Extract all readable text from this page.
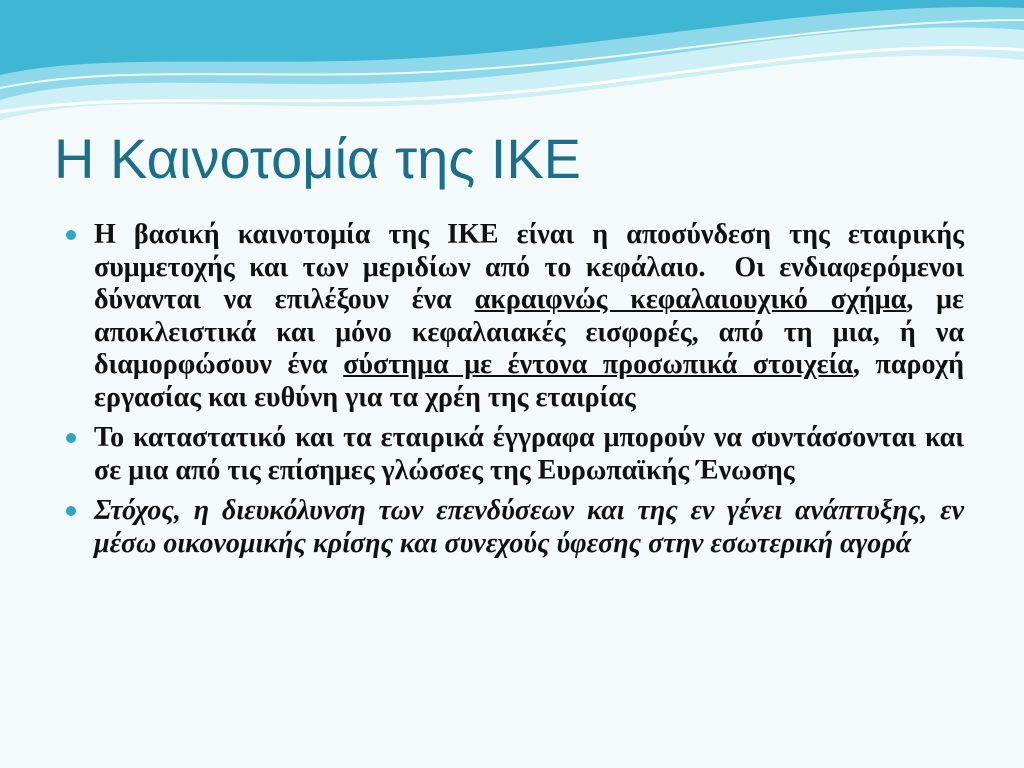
Η Καινοτομία της ΙΚΕ
Η βασική καινοτομία της ΙΚΕ είναι η αποσύνδεση της εταιρικής συμμετοχής και των μεριδίων από το κεφάλαιο.  Οι ενδιαφερόμενοι δύνανται να επιλέξουν ένα ακραιφνώς κεφαλαιουχικό σχήμα, με αποκλειστικά και μόνο κεφαλαιακές εισφορές, από τη μια, ή να διαμορφώσουν ένα σύστημα με έντονα προσωπικά στοιχεία, παροχή εργασίας και ευθύνη για τα χρέη της εταιρίας
Το καταστατικό και τα εταιρικά έγγραφα μπορούν να συντάσσονται και σε μια από τις επίσημες γλώσσες της Ευρωπαϊκής Ένωσης
Στόχος, η διευκόλυνση των επενδύσεων και της εν γένει ανάπτυξης, εν μέσω οικονομικής κρίσης και συνεχούς ύφεσης στην εσωτερική αγορά
